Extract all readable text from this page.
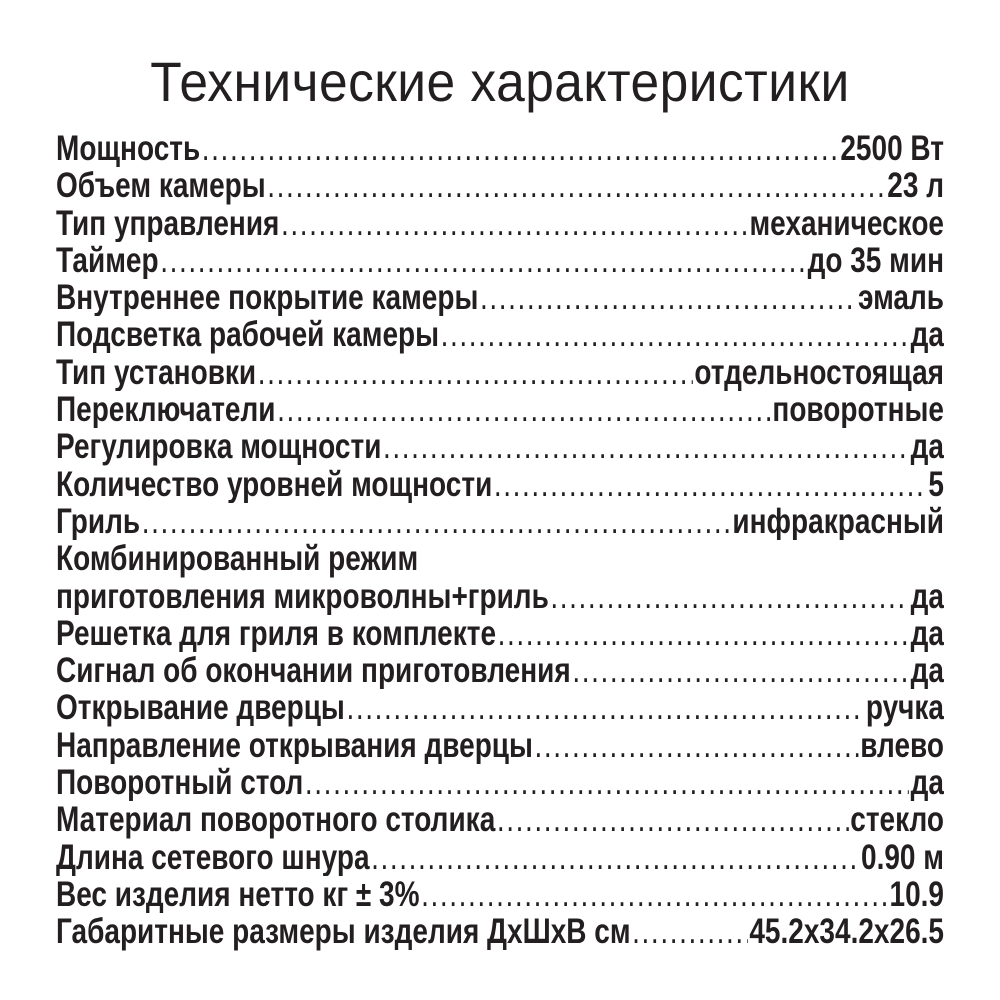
Технические характеристики
Мощность .....	2500 Вт
Объем камеры .....	23 л
Тип управления .....	механическое
Таймер .....	до 35 мин
Внутреннее покрытие камеры .....	эмаль
Подсветка рабочей камеры .....	да
Тип установки .....	отдельностоящая
Переключатели .....	поворотные
Регулировка мощности .....	да
Количество уровней мощности .....	5
Гриль .....	инфракрасный
Комбинированный режим
приготовления микроволны+гриль .....	да
Решетка для гриля в комплекте .....	да
Сигнал об окончании приготовления .....	да
Открывание дверцы .....	ручка
Направление открывания дверцы .....	влево
Поворотный стол .....	да
Материал поворотного столика .....	стекло
Длина сетевого шнура .....	0.90 м
Вес изделия нетто кг ± 3% .....	10.9
Габаритные размеры изделия ДхШхВ см .....	45.2х34.2х26.5
